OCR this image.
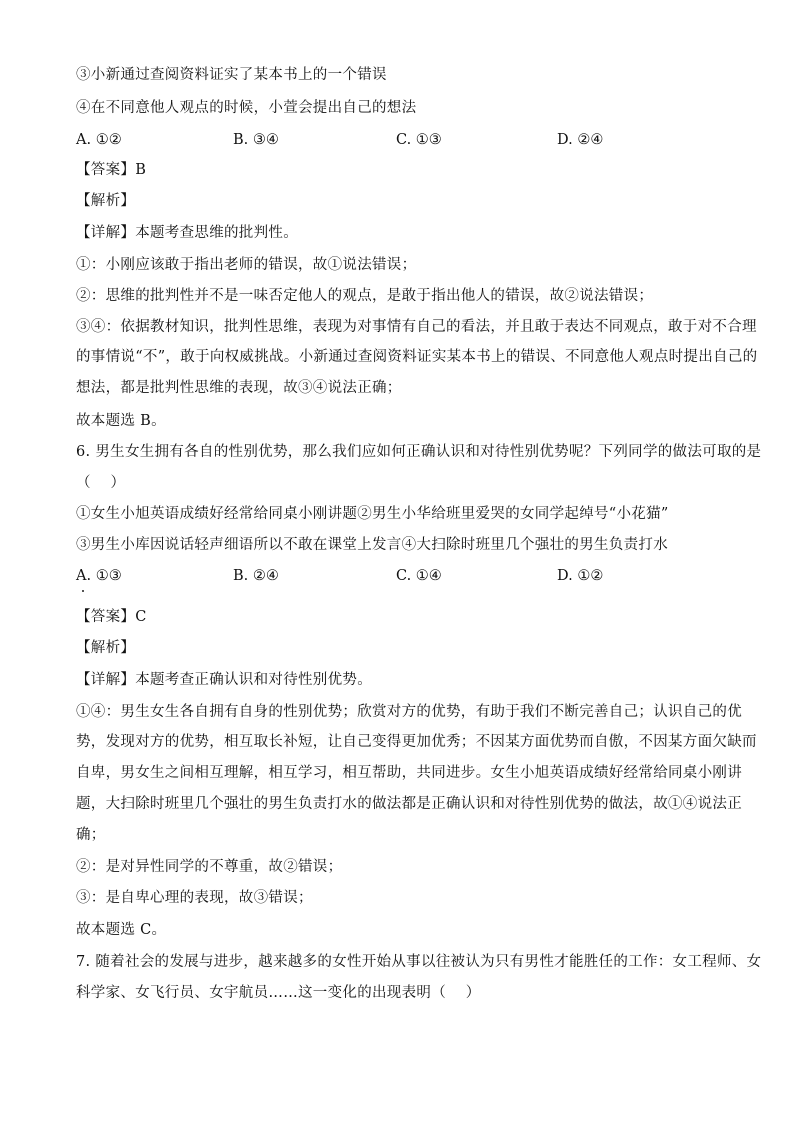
③小新通过查阅资料证实了某本书上的一个错误
④在不同意他人观点的时候，小萱会提出自己的想法
A. ①②	B. ③④	C. ①③	D. ②④
【答案】B
【解析】
【详解】本题考查思维的批判性。
①：小刚应该敢于指出老师的错误，故①说法错误；
②：思维的批判性并不是一味否定他人的观点，是敢于指出他人的错误，故②说法错误；
③④：依据教材知识，批判性思维，表现为对事情有自己的看法，并且敢于表达不同观点，敢于对不合理
的事情说“不”，敢于向权威挑战。小新通过查阅资料证实某本书上的错误、不同意他人观点时提出自己的
想法，都是批判性思维的表现，故③④说法正确；
故本题选 B。
6. 男生女生拥有各自的性别优势，那么我们应如何正确认识和对待性别优势呢？下列同学的做法可取的是
（　 ）
①女生小旭英语成绩好经常给同桌小刚讲题②男生小华给班里爱哭的女同学起绰号“小花猫”
③男生小库因说话轻声细语所以不敢在课堂上发言④大扫除时班里几个强壮的男生负责打水
A. ①③	B. ②④	C. ①④	D. ①②
【答案】C
【解析】
【详解】本题考查正确认识和对待性别优势。
①④：男生女生各自拥有自身的性别优势；欣赏对方的优势，有助于我们不断完善自己；认识自己的优
势，发现对方的优势，相互取长补短，让自己变得更加优秀；不因某方面优势而自傲，不因某方面欠缺而
自卑，男女生之间相互理解，相互学习，相互帮助，共同进步。女生小旭英语成绩好经常给同桌小刚讲
题，大扫除时班里几个强壮的男生负责打水的做法都是正确认识和对待性别优势的做法，故①④说法正
确；
②：是对异性同学的不尊重，故②错误；
③：是自卑心理的表现，故③错误；
故本题选 C。
7. 随着社会的发展与进步，越来越多的女性开始从事以往被认为只有男性才能胜任的工作：女工程师、女
科学家、女飞行员、女宇航员……这一变化的出现表明（　 ）
